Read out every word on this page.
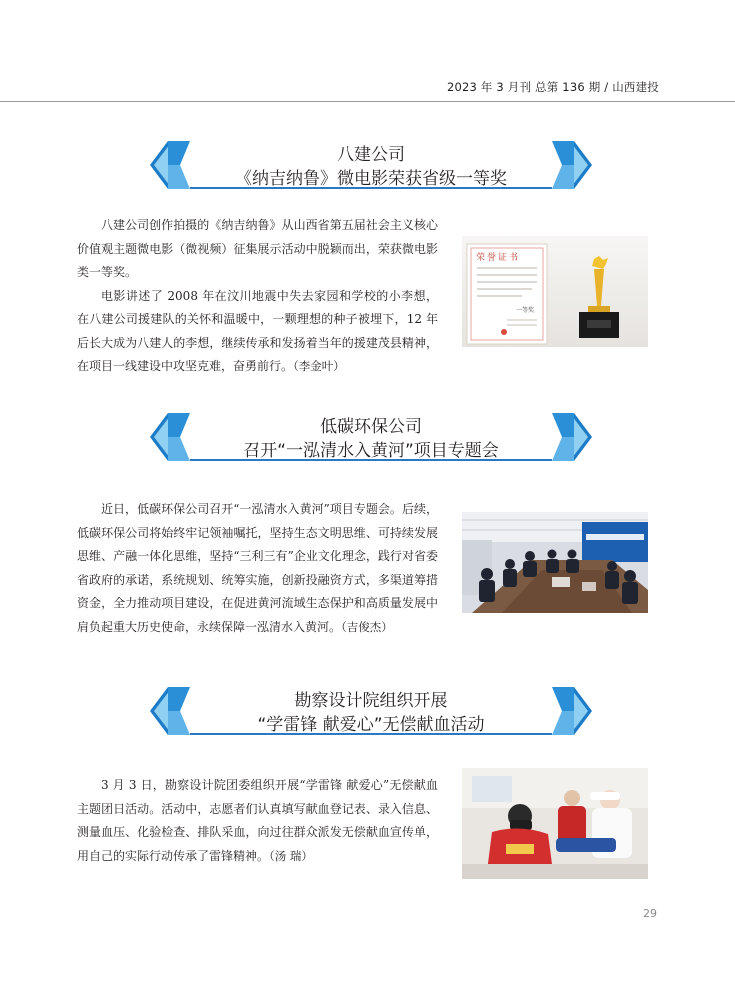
2023 年 3 月刊 总第 136 期 / 山西建投
八建公司
《纳吉纳鲁》微电影荣获省级一等奖

八建公司创作拍摄的《纳吉纳鲁》从山西省第五届社会主义核心价值观主题微电影（微视频）征集展示活动中脱颖而出，荣获微电影类一等奖。

电影讲述了 2008 年在汶川地震中失去家园和学校的小李想，在八建公司援建队的关怀和温暖中，一颗理想的种子被埋下，12 年后长大成为八建人的李想，继续传承和发扬着当年的援建茂县精神，在项目一线建设中攻坚克难，奋勇前行。（李金叶）

荣誉证书
一等奖
低碳环保公司
召开“一泓清水入黄河”项目专题会

近日，低碳环保公司召开“一泓清水入黄河”项目专题会。后续，低碳环保公司将始终牢记领袖嘱托，坚持生态文明思维、可持续发展思维、产融一体化思维，坚持“三利三有”企业文化理念，践行对省委省政府的承诺，系统规划、统筹实施，创新投融资方式，多渠道筹措资金，全力推动项目建设，在促进黄河流域生态保护和高质量发展中肩负起重大历史使命，永续保障一泓清水入黄河。（吉俊杰）

勘察设计院组织开展
“学雷锋 献爱心”无偿献血活动

3 月 3 日，勘察设计院团委组织开展“学雷锋 献爱心”无偿献血主题团日活动。活动中，志愿者们认真填写献血登记表、录入信息、测量血压、化验检查、排队采血，向过往群众派发无偿献血宣传单，用自己的实际行动传承了雷锋精神。（汤 瑞）

29
